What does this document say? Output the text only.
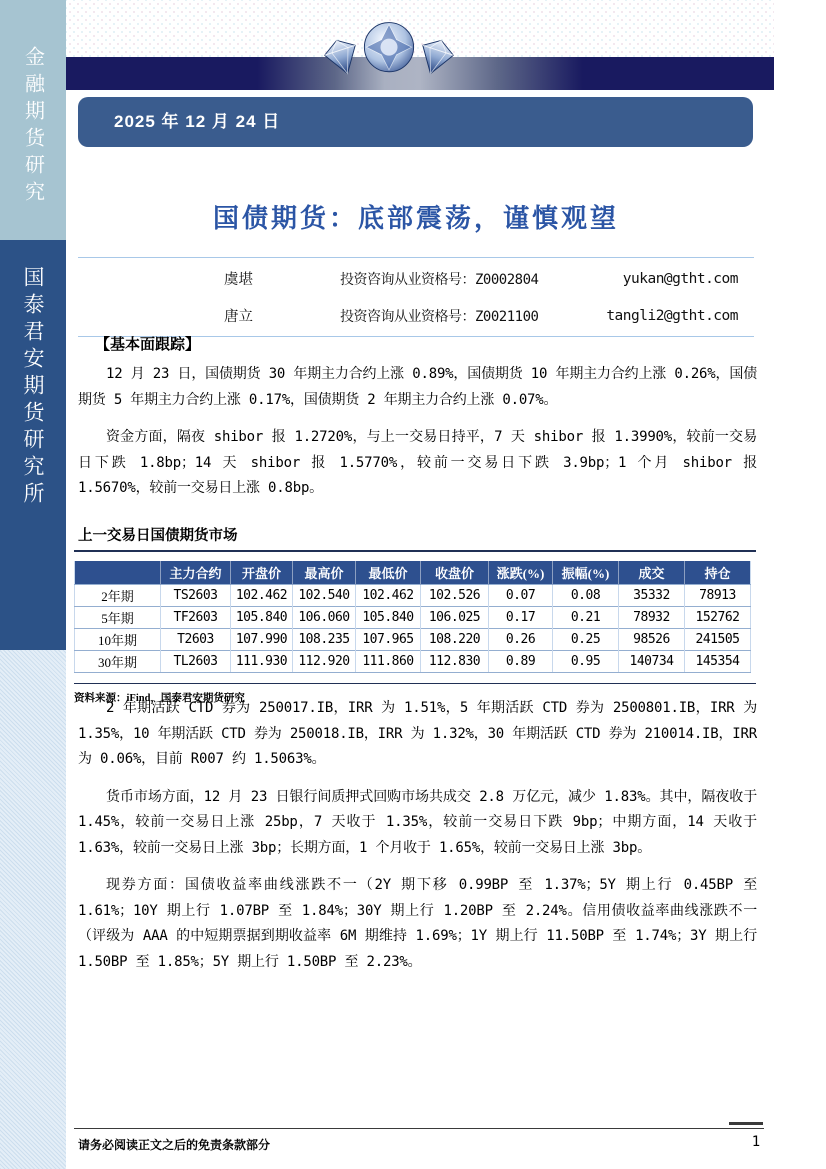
金融期货研究
国泰君安期货研究所
2025 年 12 月 24 日
国债期货：底部震荡，谨慎观望
虞堪	投资咨询从业资格号：Z0002804	yukan@gtht.com
唐立	投资咨询从业资格号：Z0021100	tangli2@gtht.com
【基本面跟踪】

12 月 23 日，国债期货 30 年期主力合约上涨 0.89%，国债期货 10 年期主力合约上涨 0.26%，国债期货 5 年期主力合约上涨 0.17%，国债期货 2 年期主力合约上涨 0.07%。

资金方面，隔夜 shibor 报 1.2720%，与上一交易日持平，7 天 shibor 报 1.3990%，较前一交易日下跌 1.8bp；14 天 shibor 报 1.5770%，较前一交易日下跌 3.9bp；1 个月 shibor 报 1.5670%，较前一交易日上涨 0.8bp。

上一交易日国债期货市场
	主力合约	开盘价	最高价	最低价	收盘价	涨跌(%)	振幅(%)	成交	持仓
2年期	TS2603	102.462	102.540	102.462	102.526	0.07	0.08	35332	78913
5年期	TF2603	105.840	106.060	105.840	106.025	0.17	0.21	78932	152762
10年期	T2603	107.990	108.235	107.965	108.220	0.26	0.25	98526	241505
30年期	TL2603	111.930	112.920	111.860	112.830	0.89	0.95	140734	145354
资料来源：iFind，国泰君安期货研究

2 年期活跃 CTD 券为 250017.IB，IRR 为 1.51%，5 年期活跃 CTD 券为 2500801.IB，IRR 为 1.35%，10 年期活跃 CTD 券为 250018.IB，IRR 为 1.32%，30 年期活跃 CTD 券为 210014.IB，IRR 为 0.06%，目前 R007 约 1.5063%。

货币市场方面，12 月 23 日银行间质押式回购市场共成交 2.8 万亿元，减少 1.83%。其中，隔夜收于 1.45%，较前一交易日上涨 25bp，7 天收于 1.35%，较前一交易日下跌 9bp；中期方面，14 天收于 1.63%，较前一交易日上涨 3bp；长期方面，1 个月收于 1.65%，较前一交易日上涨 3bp。

现券方面：国债收益率曲线涨跌不一（2Y 期下移 0.99BP 至 1.37%；5Y 期上行 0.45BP 至 1.61%；10Y 期上行 1.07BP 至 1.84%；30Y 期上行 1.20BP 至 2.24%。信用债收益率曲线涨跌不一（评级为 AAA 的中短期票据到期收益率 6M 期维持 1.69%；1Y 期上行 11.50BP 至 1.74%；3Y 期上行 1.50BP 至 1.85%；5Y 期上行 1.50BP 至 2.23%。

请务必阅读正文之后的免责条款部分	1
